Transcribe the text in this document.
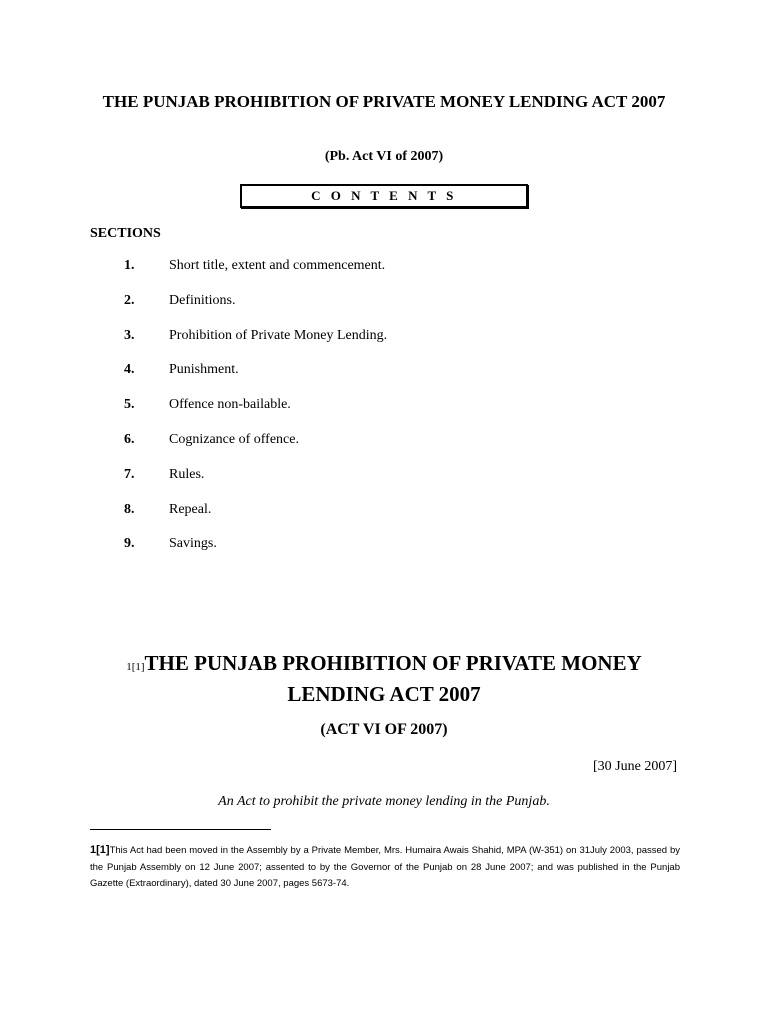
THE PUNJAB PROHIBITION OF PRIVATE MONEY LENDING ACT 2007
(Pb. Act VI of 2007)
C O N T E N T S
SECTIONS
1. Short title, extent and commencement.
2. Definitions.
3. Prohibition of Private Money Lending.
4. Punishment.
5. Offence non-bailable.
6. Cognizance of offence.
7. Rules.
8. Repeal.
9. Savings.
1[1]THE PUNJAB PROHIBITION OF PRIVATE MONEY LENDING ACT 2007
(ACT VI OF 2007)
[30 June 2007]
An Act to prohibit the private money lending in the Punjab.
1[1]This Act had been moved in the Assembly by a Private Member, Mrs. Humaira Awais Shahid, MPA (W-351) on 31July 2003, passed by the Punjab Assembly on 12 June 2007; assented to by the Governor of the Punjab on 28 June 2007; and was published in the Punjab Gazette (Extraordinary), dated 30 June 2007, pages 5673-74.
